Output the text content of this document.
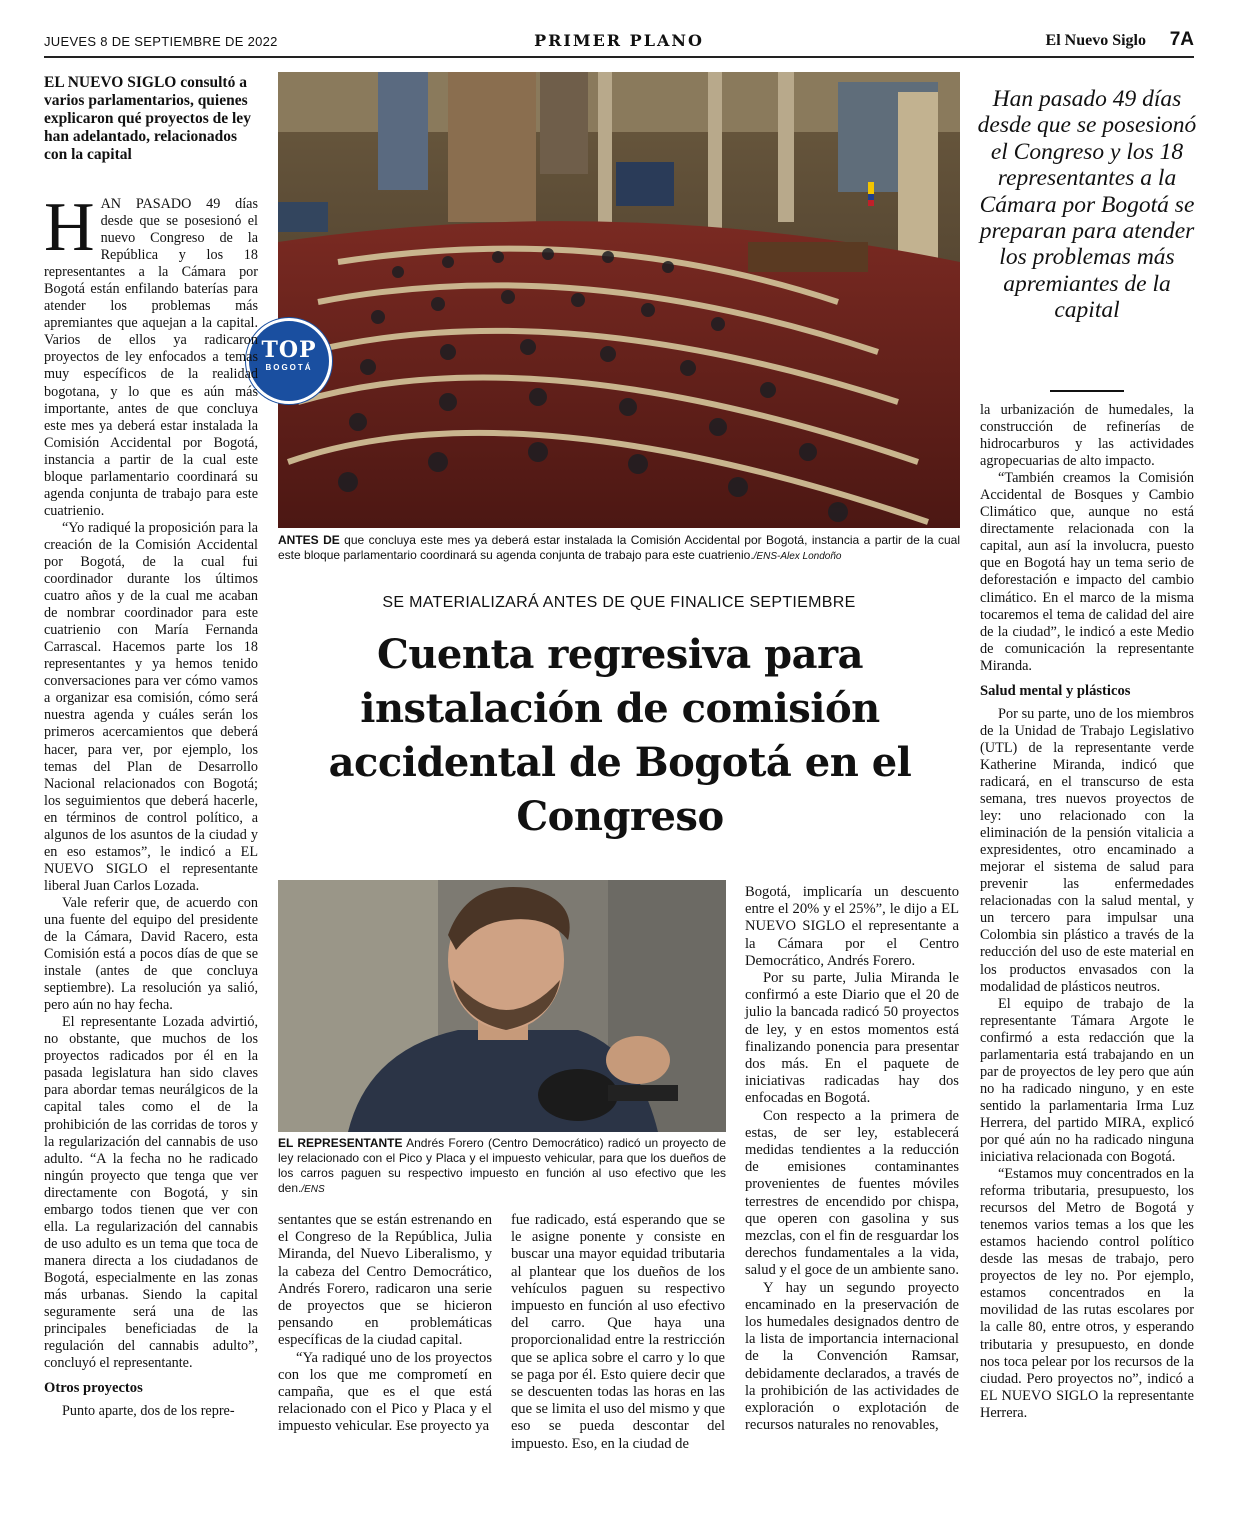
JUEVES 8 DE SEPTIEMBRE DE 2022	PRIMER PLANO	El Nuevo Siglo 7A
EL NUEVO SIGLO consultó a varios parlamentarios, quienes explicaron qué proyectos de ley han adelantado, relacionados con la capital
TOP
BOGOTÁ
ANTES DE que concluya este mes ya deberá estar instalada la Comisión Accidental por Bogotá, instancia a partir de la cual este bloque parlamentario coordinará su agenda conjunta de trabajo para este cuatrienio./ENS-Alex Londoño
SE MATERIALIZARÁ ANTES DE QUE FINALICE SEPTIEMBRE
Cuenta regresiva para instalación de comisión accidental de Bogotá en el Congreso
Han pasado 49 días desde que se posesionó el Congreso y los 18 representantes a la Cámara por Bogotá se preparan para atender los problemas más apremiantes de la capital
EL REPRESENTANTE Andrés Forero (Centro Democrático) radicó un proyecto de ley relacionado con el Pico y Placa y el impuesto vehicular, para que los dueños de los carros paguen su respectivo impuesto en función al uso efectivo que les den./ENS

HAN PASADO 49 días desde que se posesionó el nuevo Congreso de la República y los 18 representantes a la Cámara por Bogotá están enfilando baterías para atender los problemas más apremiantes que aquejan a la capital. Varios de ellos ya radicaron proyectos de ley enfocados a temas muy específicos de la realidad bogotana, y lo que es aún más importante, antes de que concluya este mes ya deberá estar instalada la Comisión Accidental por Bogotá, instancia a partir de la cual este bloque parlamentario coordinará su agenda conjunta de trabajo para este cuatrienio.

“Yo radiqué la proposición para la creación de la Comisión Accidental por Bogotá, de la cual fui coordinador durante los últimos cuatro años y de la cual me acaban de nombrar coordinador para este cuatrienio con María Fernanda Carrascal. Hacemos parte los 18 representantes y ya hemos tenido conversaciones para ver cómo vamos a organizar esa comisión, cómo será nuestra agenda y cuáles serán los primeros acercamientos que deberá hacer, para ver, por ejemplo, los temas del Plan de Desarrollo Nacional relacionados con Bogotá; los seguimientos que deberá hacerle, en términos de control político, a algunos de los asuntos de la ciudad y en eso estamos”, le indicó a EL NUEVO SIGLO el representante liberal Juan Carlos Lozada.

Vale referir que, de acuerdo con una fuente del equipo del presidente de la Cámara, David Racero, esta Comisión está a pocos días de que se instale (antes de que concluya septiembre). La resolución ya salió, pero aún no hay fecha.

El representante Lozada advirtió, no obstante, que muchos de los proyectos radicados por él en la pasada legislatura han sido claves para abordar temas neurálgicos de la capital tales como el de la prohibición de las corridas de toros y la regularización del cannabis de uso adulto. “A la fecha no he radicado ningún proyecto que tenga que ver directamente con Bogotá, y sin embargo todos tienen que ver con ella. La regularización del cannabis de uso adulto es un tema que toca de manera directa a los ciudadanos de Bogotá, especialmente en las zonas más urbanas. Siendo la capital seguramente será una de las principales beneficiadas de la regulación del cannabis adulto”, concluyó el representante.

Otros proyectos

Punto aparte, dos de los repre-

sentantes que se están estrenando en el Congreso de la República, Julia Miranda, del Nuevo Liberalismo, y la cabeza del Centro Democrático, Andrés Forero, radicaron una serie de proyectos que se hicieron pensando en problemáticas específicas de la ciudad capital.

“Ya radiqué uno de los proyectos con los que me comprometí en campaña, que es el que está relacionado con el Pico y Placa y el impuesto vehicular. Ese proyecto ya

fue radicado, está esperando que se le asigne ponente y consiste en buscar una mayor equidad tributaria al plantear que los dueños de los vehículos paguen su respectivo impuesto en función al uso efectivo del carro. Que haya una proporcionalidad entre la restricción que se aplica sobre el carro y lo que se paga por él. Esto quiere decir que se descuenten todas las horas en las que se limita el uso del mismo y que eso se pueda descontar del impuesto. Eso, en la ciudad de

Bogotá, implicaría un descuento entre el 20% y el 25%”, le dijo a EL NUEVO SIGLO el representante a la Cámara por el Centro Democrático, Andrés Forero.

Por su parte, Julia Miranda le confirmó a este Diario que el 20 de julio la bancada radicó 50 proyectos de ley, y en estos momentos está finalizando ponencia para presentar dos más. En el paquete de iniciativas radicadas hay dos enfocadas en Bogotá.

Con respecto a la primera de estas, de ser ley, establecerá medidas tendientes a la reducción de emisiones contaminantes provenientes de fuentes móviles terrestres de encendido por chispa, que operen con gasolina y sus mezclas, con el fin de resguardar los derechos fundamentales a la vida, salud y el goce de un ambiente sano.

Y hay un segundo proyecto encaminado en la preservación de los humedales designados dentro de la lista de importancia internacional de la Convención Ramsar, debidamente declarados, a través de la prohibición de las actividades de exploración o explotación de recursos naturales no renovables,

la urbanización de humedales, la construcción de refinerías de hidrocarburos y las actividades agropecuarias de alto impacto.

“También creamos la Comisión Accidental de Bosques y Cambio Climático que, aunque no está directamente relacionada con la capital, aun así la involucra, puesto que en Bogotá hay un tema serio de deforestación e impacto del cambio climático. En el marco de la misma tocaremos el tema de calidad del aire de la ciudad”, le indicó a este Medio de comunicación la representante Miranda.

Salud mental y plásticos

Por su parte, uno de los miembros de la Unidad de Trabajo Legislativo (UTL) de la representante verde Katherine Miranda, indicó que radicará, en el transcurso de esta semana, tres nuevos proyectos de ley: uno relacionado con la eliminación de la pensión vitalicia a expresidentes, otro encaminado a mejorar el sistema de salud para prevenir las enfermedades relacionadas con la salud mental, y un tercero para impulsar una Colombia sin plástico a través de la reducción del uso de este material en los productos envasados con la modalidad de plásticos neutros.

El equipo de trabajo de la representante Támara Argote le confirmó a esta redacción que la parlamentaria está trabajando en un par de proyectos de ley pero que aún no ha radicado ninguno, y en este sentido la parlamentaria Irma Luz Herrera, del partido MIRA, explicó por qué aún no ha radicado ninguna iniciativa relacionada con Bogotá.

“Estamos muy concentrados en la reforma tributaria, presupuesto, los recursos del Metro de Bogotá y tenemos varios temas a los que les estamos haciendo control político desde las mesas de trabajo, pero proyectos de ley no. Por ejemplo, estamos concentrados en la movilidad de las rutas escolares por la calle 80, entre otros, y esperando tributaria y presupuesto, en donde nos toca pelear por los recursos de la ciudad. Pero proyectos no”, indicó a EL NUEVO SIGLO la representante Herrera.
